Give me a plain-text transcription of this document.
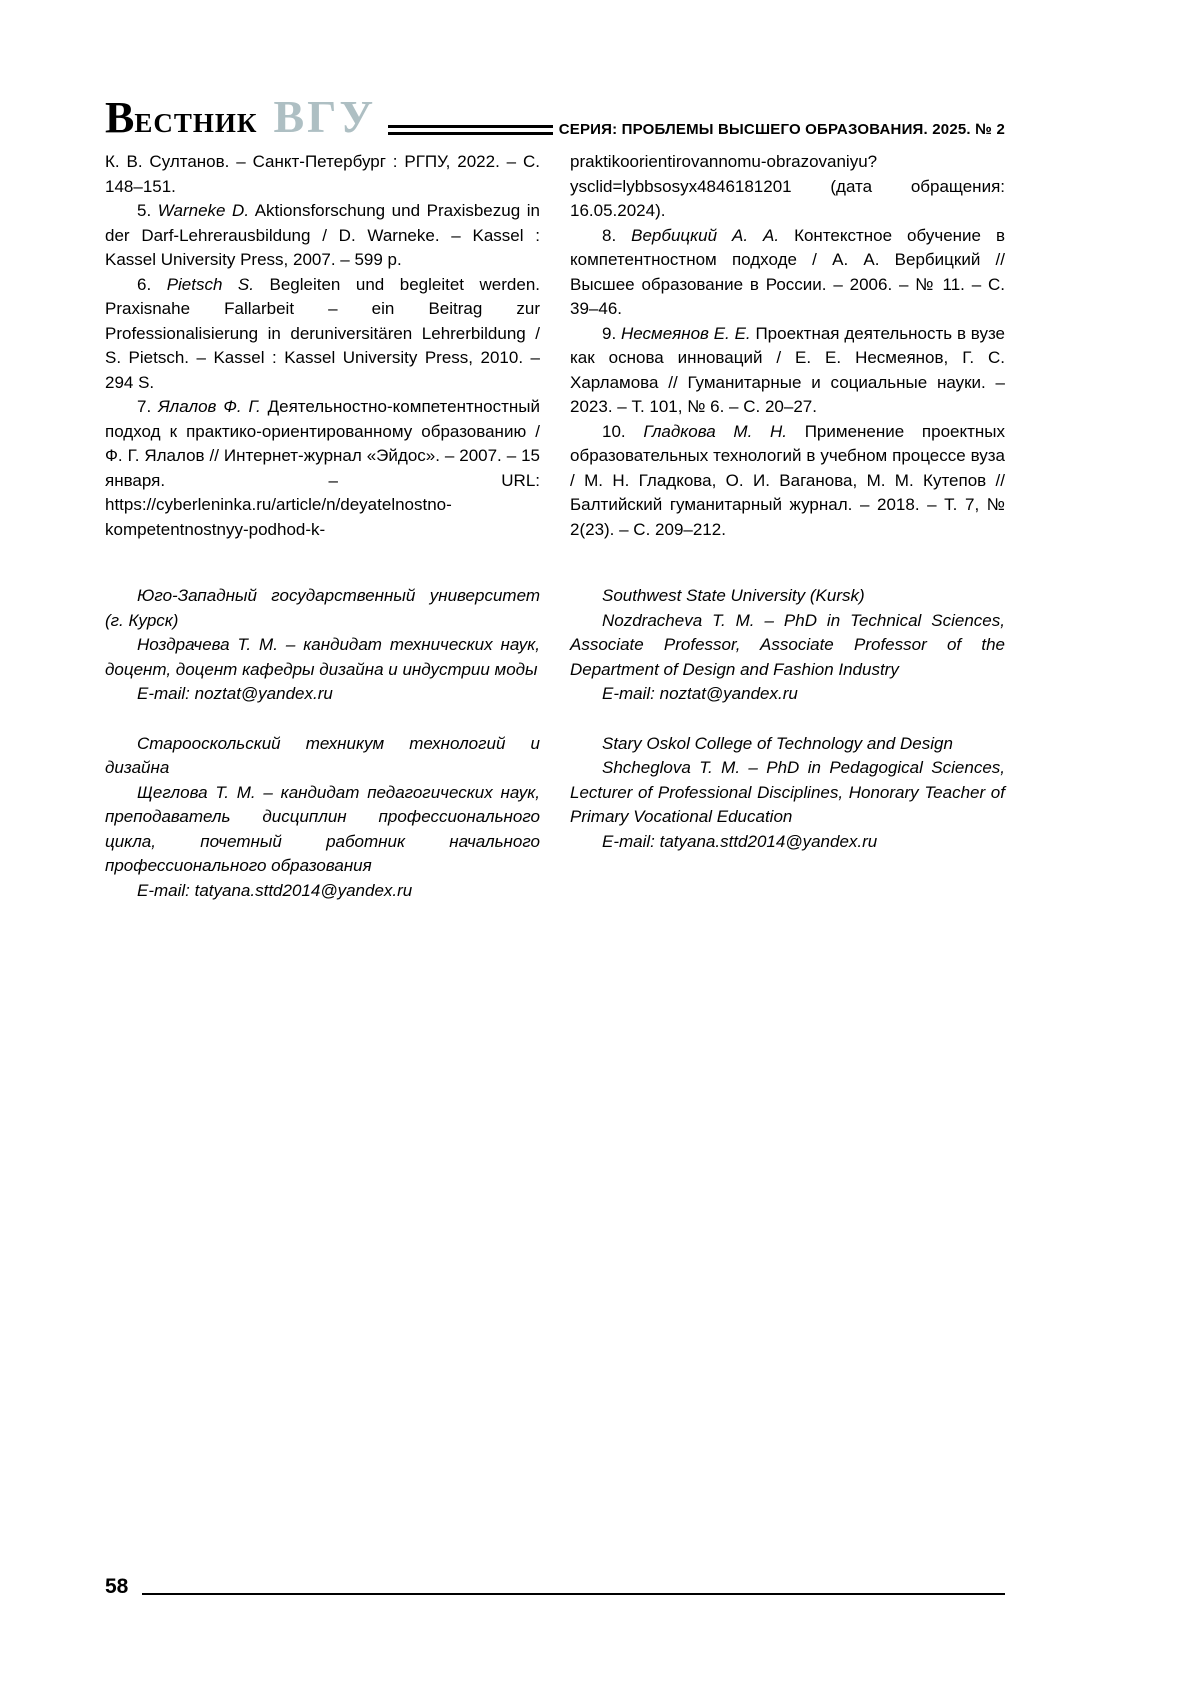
В ЕСТНИК ВГУ	СЕРИЯ: ПРОБЛЕМЫ ВЫСШЕГО ОБРАЗОВАНИЯ. 2025. № 2

К. В. Султанов. – Санкт-Петербург : РГПУ, 2022. – С. 148–151.

5. Warneke D. Aktionsforschung und Praxisbezug in der Darf-Lehrerausbildung / D. Warneke. – Kassel : Kassel University Press, 2007. – 599 p.

6. Pietsch S. Begleiten und begleitet werden. Praxisnahe Fallarbeit – ein Beitrag zur Professionalisierung in deruniversitären Lehrerbildung / S. Pietsch. – Kassel : Kassel University Press, 2010. – 294 S.

7. Ялалов Ф. Г. Деятельностно-компетентностный подход к практико-ориентированному образованию / Ф. Г. Ялалов // Интернет-журнал «Эйдос». – 2007. – 15 января. – URL: https://cyberleninka.ru/article/n/deyatelnostno-kompetentnostnyy-podhod-k-

Юго-Западный государственный университет (г. Курск)

Ноздрачева Т. М. – кандидат технических наук, доцент, доцент кафедры дизайна и индустрии моды

E-mail: noztat@yandex.ru

Старооскольский техникум технологий и дизайна

Щеглова Т. М. – кандидат педагогических наук, преподаватель дисциплин профессионального цикла, почетный работник начального профессионального образования

E-mail: tatyana.sttd2014@yandex.ru

praktikoorientirovannomu-obrazovaniyu?ysclid=lybbsosyx4846181201 (дата обращения: 16.05.2024).

8. Вербицкий А. А. Контекстное обучение в компетентностном подходе / А. А. Вербицкий // Высшее образование в России. – 2006. – № 11. – С. 39–46.

9. Несмеянов Е. Е. Проектная деятельность в вузе как основа инноваций / Е. Е. Несмеянов, Г. С. Харламова // Гуманитарные и социальные науки. – 2023. – Т. 101, № 6. – С. 20–27.

10. Гладкова М. Н. Применение проектных образовательных технологий в учебном процессе вуза / М. Н. Гладкова, О. И. Ваганова, М. М. Кутепов // Балтийский гуманитарный журнал. – 2018. – Т. 7, № 2(23). – С. 209–212.

Southwest State University (Kursk)

Nozdracheva T. M. – PhD in Technical Sciences, Associate Professor, Associate Professor of the Department of Design and Fashion Industry

E-mail: noztat@yandex.ru

Stary Oskol College of Technology and Design

Shcheglova T. M. – PhD in Pedagogical Sciences, Lecturer of Professional Disciplines, Honorary Teacher of Primary Vocational Education

E-mail: tatyana.sttd2014@yandex.ru

58
